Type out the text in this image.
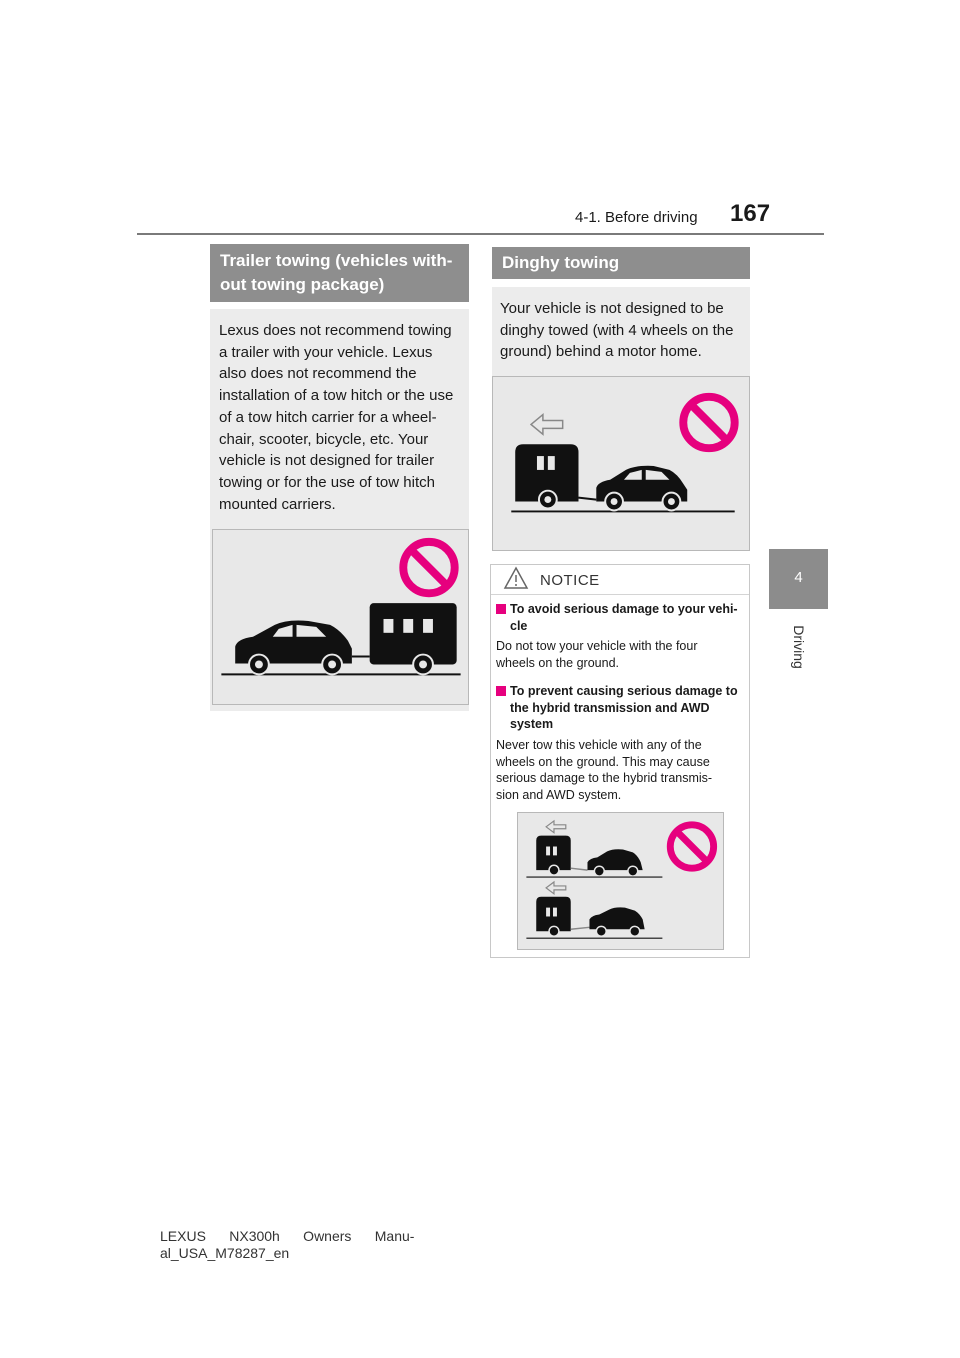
4-1. Before driving 167
4
Driving
Trailer towing (vehicles with-
out towing package)
Lexus does not recommend towing
a trailer with your vehicle. Lexus
also does not recommend the
installation of a tow hitch or the use
of a tow hitch carrier for a wheel-
chair, scooter, bicycle, etc. Your
vehicle is not designed for trailer
towing or for the use of tow hitch
mounted carriers.
Dinghy towing
Your vehicle is not designed to be
dinghy towed (with 4 wheels on the
ground) behind a motor home.
NOTICE
To avoid serious damage to your vehi-
cle
Do not tow your vehicle with the four
wheels on the ground.
To prevent causing serious damage to
the hybrid transmission and AWD
system
Never tow this vehicle with any of the
wheels on the ground. This may cause
serious damage to the hybrid transmis-
sion and AWD system.
LEXUS      NX300h      Owners      Manu-
al_USA_M78287_en
